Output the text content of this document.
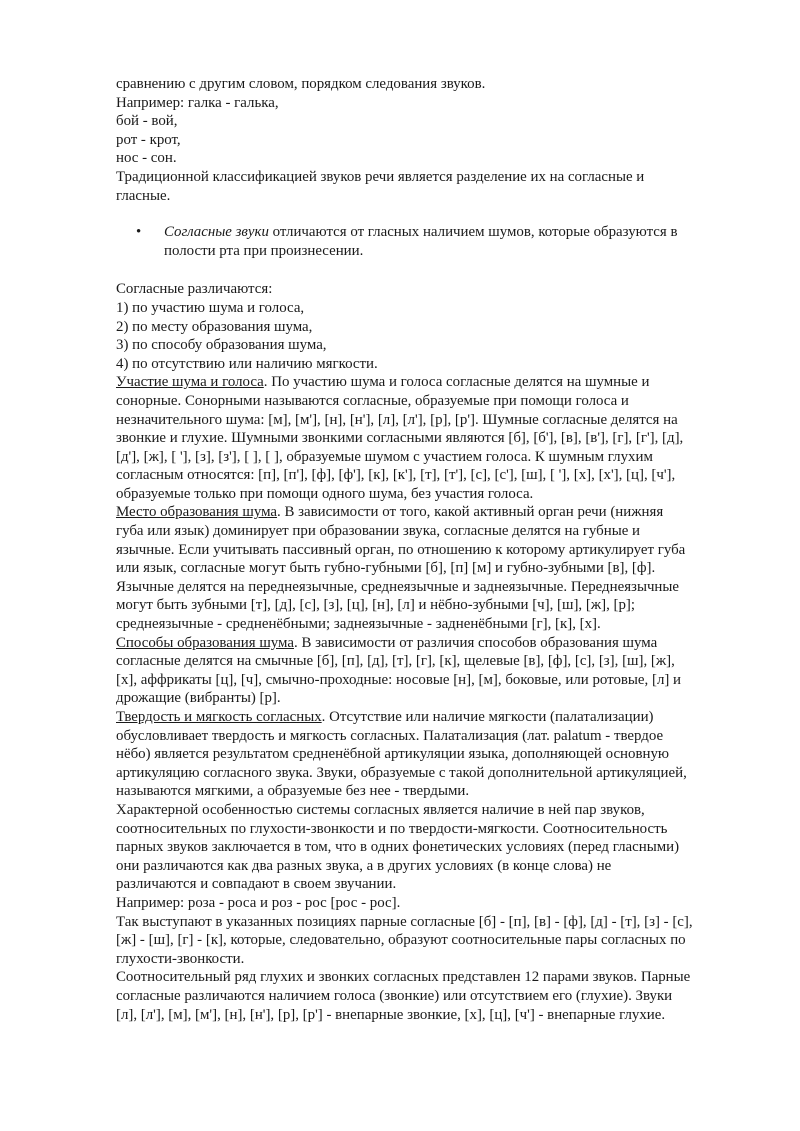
сравнению с другим словом, порядком следования звуков.
Например: галка - галька,
бой - вой,
рот - крот,
нос - сон.
Традиционной классификацией звуков речи является разделение их на согласные и
гласные.
• Согласные звуки отличаются от гласных наличием шумов, которые образуются в
полости рта при произнесении.
Согласные различаются:
1) по участию шума и голоса,
2) по месту образования шума,
3) по способу образования шума,
4) по отсутствию или наличию мягкости.
Участие шума и голоса. По участию шума и голоса согласные делятся на шумные и
сонорные. Сонорными называются согласные, образуемые при помощи голоса и
незначительного шума: [м], [м'], [н], [н'], [л], [л'], [р], [р']. Шумные согласные делятся на
звонкие и глухие. Шумными звонкими согласными являются [б], [б'], [в], [в'], [г], [г'], [д],
[д'], [ж], [ '], [з], [з'], [ ], [ ], образуемые шумом с участием голоса. К шумным глухим
согласным относятся: [п], [п'], [ф], [ф'], [к], [к'], [т], [т'], [с], [с'], [ш], [ '], [х], [х'], [ц], [ч'],
образуемые только при помощи одного шума, без участия голоса.
Место образования шума. В зависимости от того, какой активный орган речи (нижняя
губа или язык) доминирует при образовании звука, согласные делятся на губные и
язычные. Если учитывать пассивный орган, по отношению к которому артикулирует губа
или язык, согласные могут быть губно-губными [б], [п] [м] и губно-зубными [в], [ф].
Язычные делятся на переднеязычные, среднеязычные и заднеязычные. Переднеязычные
могут быть зубными [т], [д], [с], [з], [ц], [н], [л] и нёбно-зубными [ч], [ш], [ж], [р];
среднеязычные - средненёбными; заднеязычные - задненёбными [г], [к], [х].
Способы образования шума. В зависимости от различия способов образования шума
согласные делятся на смычные [б], [п], [д], [т], [г], [к], щелевые [в], [ф], [с], [з], [ш], [ж],
[х], аффрикаты [ц], [ч], смычно-проходные: носовые [н], [м], боковые, или ротовые, [л] и
дрожащие (вибранты) [р].
Твердость и мягкость согласных. Отсутствие или наличие мягкости (палатализации)
обусловливает твердость и мягкость согласных. Палатализация (лат. palatum - твердое
нёбо) является результатом средненёбной артикуляции языка, дополняющей основную
артикуляцию согласного звука. Звуки, образуемые с такой дополнительной артикуляцией,
называются мягкими, а образуемые без нее - твердыми.
Характерной особенностью системы согласных является наличие в ней пар звуков,
соотносительных по глухости-звонкости и по твердости-мягкости. Соотносительность
парных звуков заключается в том, что в одних фонетических условиях (перед гласными)
они различаются как два разных звука, а в других условиях (в конце слова) не
различаются и совпадают в своем звучании.
Например: роза - роса и роз - рос [рос - рос].
Так выступают в указанных позициях парные согласные [б] - [п], [в] - [ф], [д] - [т], [з] - [с],
[ж] - [ш], [г] - [к], которые, следовательно, образуют соотносительные пары согласных по
глухости-звонкости.
Соотносительный ряд глухих и звонких согласных представлен 12 парами звуков. Парные
согласные различаются наличием голоса (звонкие) или отсутствием его (глухие). Звуки
[л], [л'], [м], [м'], [н], [н'], [р], [р'] - внепарные звонкие, [х], [ц], [ч'] - внепарные глухие.
